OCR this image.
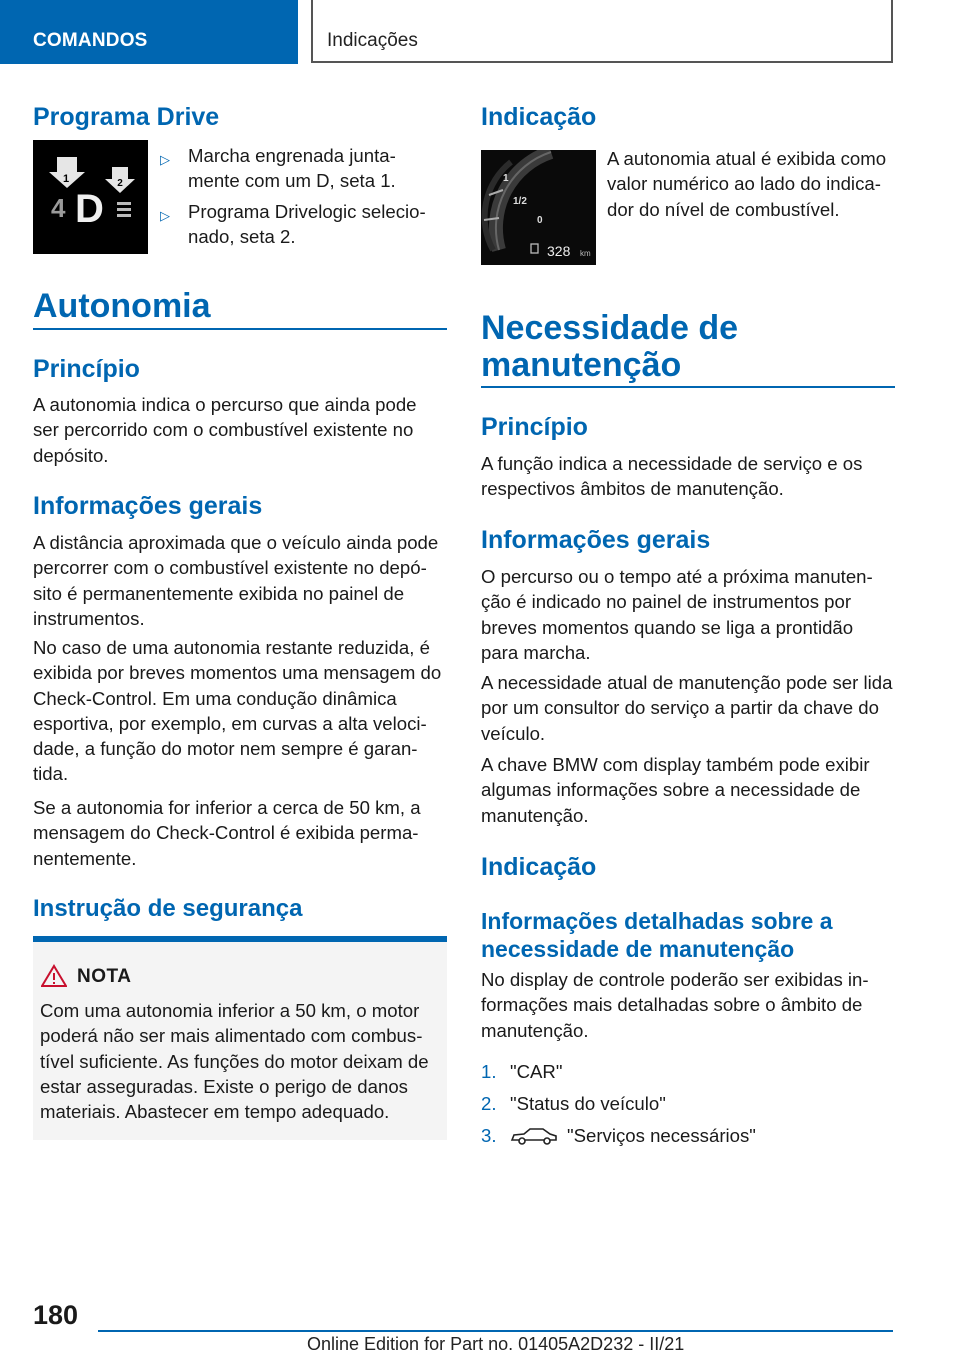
COMANDOS	Indicações
Programa Drive
1	2
4 D
▷ Marcha engrenada junta-
mente com um D, seta 1.
▷ Programa Drivelogic selecio-
nado, seta 2.
Autonomia
Princípio

A autonomia indica o percurso que ainda pode ser percorrido com o combustível existente no depósito.

Informações gerais

A distância aproximada que o veículo ainda pode percorrer com o combustível existente no depó-sito é permanentemente exibida no painel de instrumentos.

No caso de uma autonomia restante reduzida, é exibida por breves momentos uma mensagem do Check-Control. Em uma condução dinâmica esportiva, por exemplo, em curvas a alta veloci-dade, a função do motor nem sempre é garan-tida.

Se a autonomia for inferior a cerca de 50 km, a mensagem do Check-Control é exibida perma-nentemente.

Instrução de segurança
NOTA
Com uma autonomia inferior a 50 km, o motor poderá não ser mais alimentado com combus-tível suficiente. As funções do motor deixam de estar asseguradas. Existe o perigo de danos materiais. Abastecer em tempo adequado.
Indicação
1
1/2
0
328 km

A autonomia atual é exibida como valor numérico ao lado do indica-dor do nível de combustível.

Necessidade de manutenção
Princípio

A função indica a necessidade de serviço e os respectivos âmbitos de manutenção.

Informações gerais

O percurso ou o tempo até a próxima manuten-ção é indicado no painel de instrumentos por breves momentos quando se liga a prontidão para marcha.

A necessidade atual de manutenção pode ser lida por um consultor do serviço a partir da chave do veículo.

A chave BMW com display também pode exibir algumas informações sobre a necessidade de manutenção.

Indicação
Informações detalhadas sobre a necessidade de manutenção

No display de controle poderão ser exibidas in-formações mais detalhadas sobre o âmbito de manutenção.

1. "CAR"
2. "Status do veículo"
3.	"Serviços necessários"
180
Online Edition for Part no. 01405A2D232 - II/21
